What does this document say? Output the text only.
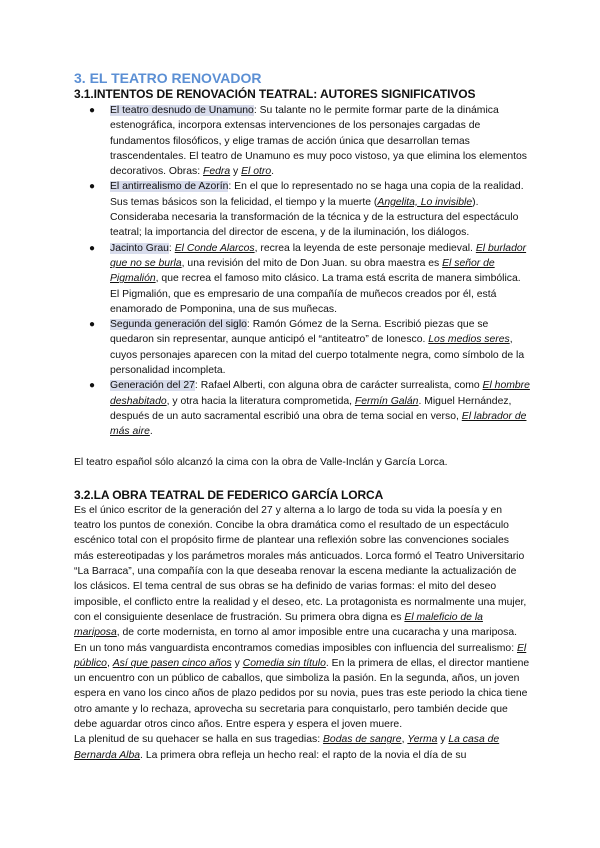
3. EL TEATRO RENOVADOR
3.1.INTENTOS DE RENOVACIÓN TEATRAL: AUTORES SIGNIFICATIVOS
● El teatro desnudo de Unamuno: Su talante no le permite formar parte de la dinámica estenográfica, incorpora extensas intervenciones de los personajes cargadas de fundamentos filosóficos, y elige tramas de acción única que desarrollan temas trascendentales. El teatro de Unamuno es muy poco vistoso, ya que elimina los elementos decorativos. Obras: Fedra y El otro.
● El antirrealismo de Azorín: En el que lo representado no se haga una copia de la realidad. Sus temas básicos son la felicidad, el tiempo y la muerte (Angelita, Lo invisible). Consideraba necesaria la transformación de la técnica y de la estructura del espectáculo teatral; la importancia del director de escena, y de la iluminación, los diálogos.
● Jacinto Grau: El Conde Alarcos, recrea la leyenda de este personaje medieval. El burlador que no se burla, una revisión del mito de Don Juan. su obra maestra es El señor de Pigmalión, que recrea el famoso mito clásico. La trama está escrita de manera simbólica. El Pigmalión, que es empresario de una compañía de muñecos creados por él, está enamorado de Pomponina, una de sus muñecas.
● Segunda generación del siglo: Ramón Gómez de la Serna. Escribió piezas que se quedaron sin representar, aunque anticipó el “antiteatro” de Ionesco. Los medios seres, cuyos personajes aparecen con la mitad del cuerpo totalmente negra, como símbolo de la personalidad incompleta.
● Generación del 27: Rafael Alberti, con alguna obra de carácter surrealista, como El hombre deshabitado, y otra hacia la literatura comprometida, Fermín Galán. Miguel Hernández, después de un auto sacramental escribió una obra de tema social en verso, El labrador de más aire.

El teatro español sólo alcanzó la cima con la obra de Valle-Inclán y García Lorca.

3.2.LA OBRA TEATRAL DE FEDERICO GARCÍA LORCA

Es el único escritor de la generación del 27 y alterna a lo largo de toda su vida la poesía y en teatro los puntos de conexión. Concibe la obra dramática como el resultado de un espectáculo escénico total con el propósito firme de plantear una reflexión sobre las convenciones sociales más estereotipadas y los parámetros morales más anticuados. Lorca formó el Teatro Universitario “La Barraca”, una compañía con la que deseaba renovar la escena mediante la actualización de los clásicos. El tema central de sus obras se ha definido de varias formas: el mito del deseo imposible, el conflicto entre la realidad y el deseo, etc. La protagonista es normalmente una mujer, con el consiguiente desenlace de frustración. Su primera obra digna es El maleficio de la mariposa, de corte modernista, en torno al amor imposible entre una cucaracha y una mariposa. En un tono más vanguardista encontramos comedias imposibles con influencia del surrealismo: El público, Así que pasen cinco años y Comedia sin título. En la primera de ellas, el director mantiene un encuentro con un público de caballos, que simboliza la pasión. En la segunda, años, un joven espera en vano los cinco años de plazo pedidos por su novia, pues tras este periodo la chica tiene otro amante y lo rechaza, aprovecha su secretaria para conquistarlo, pero también decide que debe aguardar otros cinco años. Entre espera y espera el joven muere.

La plenitud de su quehacer se halla en sus tragedias: Bodas de sangre, Yerma y La casa de Bernarda Alba. La primera obra refleja un hecho real: el rapto de la novia el día de su
